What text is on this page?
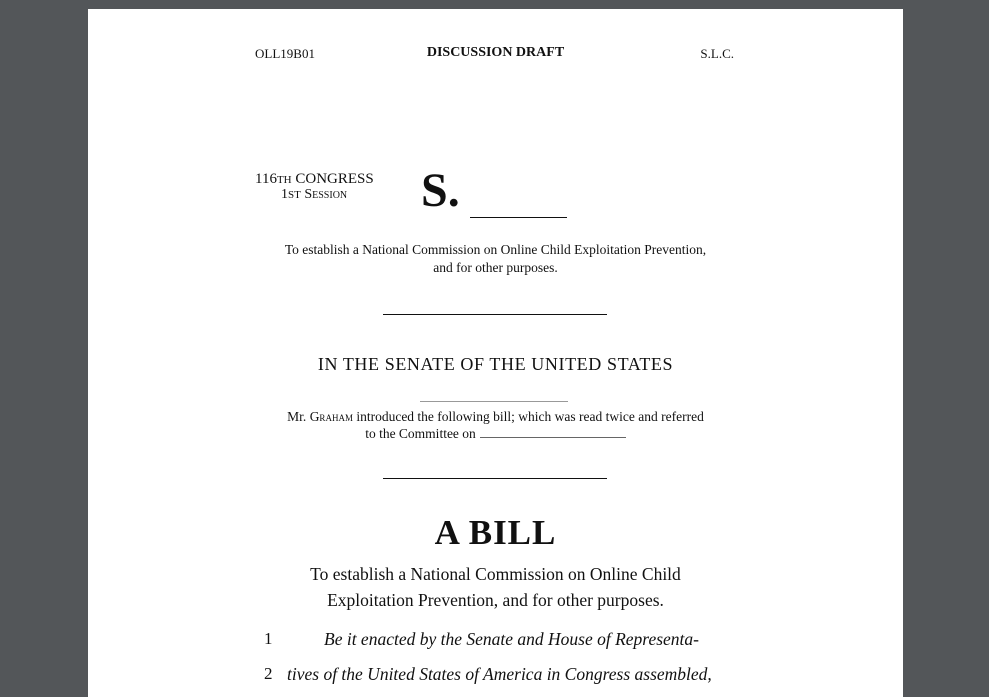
OLL19B01	DISCUSSION DRAFT	S.L.C.
116TH CONGRESS
1ST Session S.
To establish a National Commission on Online Child Exploitation Prevention,
and for other purposes.
IN THE SENATE OF THE UNITED STATES
Mr. Graham introduced the following bill; which was read twice and referred
to the Committee on
A BILL
To establish a National Commission on Online Child
Exploitation Prevention, and for other purposes.
1	Be it enacted by the Senate and House of Representa-
2 tives of the United States of America in Congress assembled,
